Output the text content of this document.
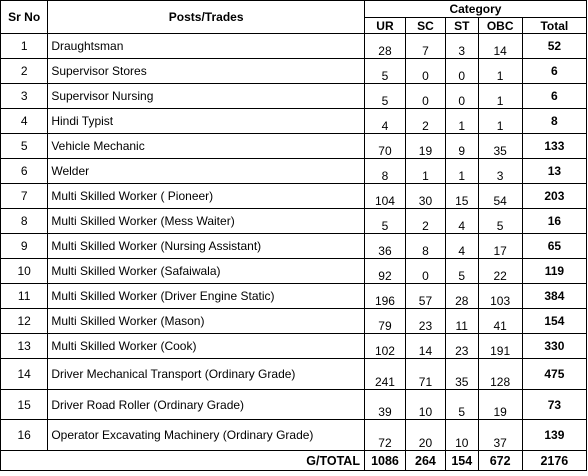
Sr No	Posts/Trades	Category				
		UR	SC	ST	OBC	Total
1	Draughtsman	28	7	3	14	52
2	Supervisor Stores	5	0	0	1	6
3	Supervisor Nursing	5	0	0	1	6
4	Hindi Typist	4	2	1	1	8
5	Vehicle Mechanic	70	19	9	35	133
6	Welder	8	1	1	3	13
7	Multi Skilled Worker ( Pioneer)	104	30	15	54	203
8	Multi Skilled Worker (Mess Waiter)	5	2	4	5	16
9	Multi Skilled Worker (Nursing Assistant)	36	8	4	17	65
10	Multi Skilled Worker (Safaiwala)	92	0	5	22	119
11	Multi Skilled Worker (Driver Engine Static)	196	57	28	103	384
12	Multi Skilled Worker (Mason)	79	23	11	41	154
13	Multi Skilled Worker (Cook)	102	14	23	191	330
14	Driver Mechanical Transport (Ordinary Grade)	241	71	35	128	475
15	Driver Road Roller (Ordinary Grade)	39	10	5	19	73
16	Operator Excavating Machinery (Ordinary Grade)	72	20	10	37	139
G/TOTAL		1086	264	154	672	2176
